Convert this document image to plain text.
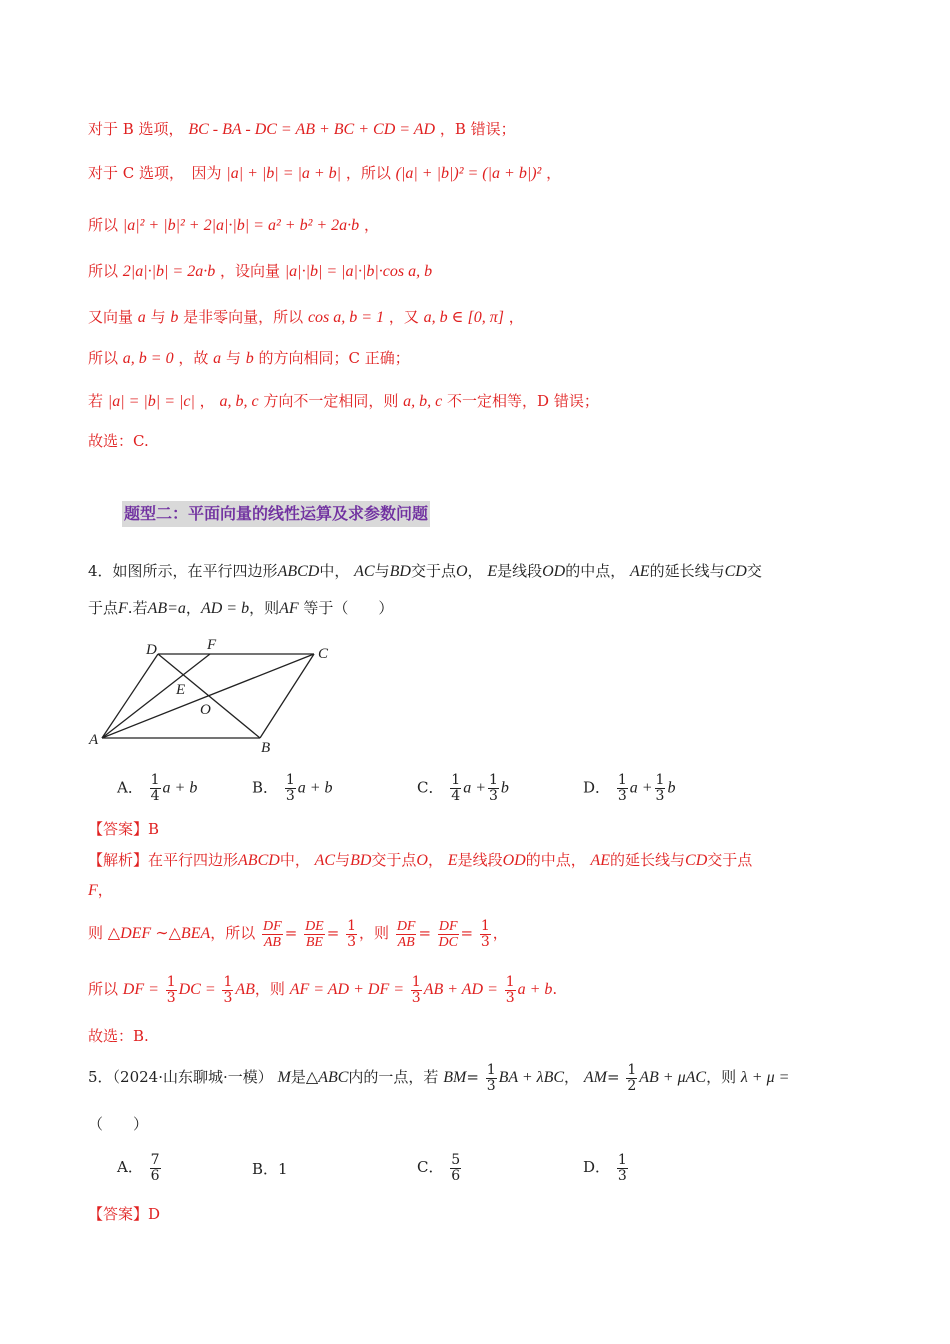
对于 B 选项， BC - BA - DC = AB + BC + CD = AD ，B 错误；
对于 C 选项，　因为 |a| + |b| = |a + b| ，所以 (|a| + |b|)² = (|a + b|)² ，
所以 |a|² + |b|² + 2|a|·|b| = a² + b² + 2a·b ，
所以 2|a|·|b| = 2a·b ，设向量 |a|·|b| = |a|·|b|·cos a, b
又向量 a 与 b 是非零向量，所以 cos a, b = 1 ，又 a, b ∈ [0, π] ，
所以 a, b = 0 ，故 a 与 b 的方向相同；C 正确；
若 |a| = |b| = |c| ， a, b, c 方向不一定相同，则 a, b, c 不一定相等，D 错误；
故选：C.
题型二：平面向量的线性运算及求参数问题
4．如图所示，在平行四边形ABCD中， AC与BD交于点O， E是线段OD的中点， AE的延长线与CD交
于点F.若AB=a，AD = b，则AF 等于（　　）
A	B
C
D
E
F
O
A． $\frac{1}{4}$ a + b	B． $\frac{1}{3}$ a + b	C． $\frac{1}{4}$ $a + \frac{1}{3}$ b	D． $\frac{1}{3}$ $a + \frac{1}{3}$ b
【答案】B
【解析】在平行四边形ABCD中， AC与BD交于点O， E是线段OD的中点， AE的延长线与CD交于点
F，
则 △DEF ∼△BEA，所以 $\frac{DF}{AB} = \frac{DE}{BE} = \frac{1}{3}$ ，则 $\frac{DF}{AB} = \frac{DF}{DC} = \frac{1}{3}$ ，
所以 DF = $\frac{1}{3}$ DC = $\frac{1}{3}$ AB，则 AF = AD + DF = $\frac{1}{3}$ AB + AD = $\frac{1}{3}$ a + b.
故选：B.
5．（2024·山东聊城·一模） M是△ABC内的一点，若 $BM= \frac{1}{3}$ BA + λBC， $AM= \frac{1}{2}$ AB + μAC，则 λ + μ =
（　　）
A． $\frac{7}{6}$	B．1	C． $\frac{5}{6}$	D． $\frac{1}{3}$
【答案】D
